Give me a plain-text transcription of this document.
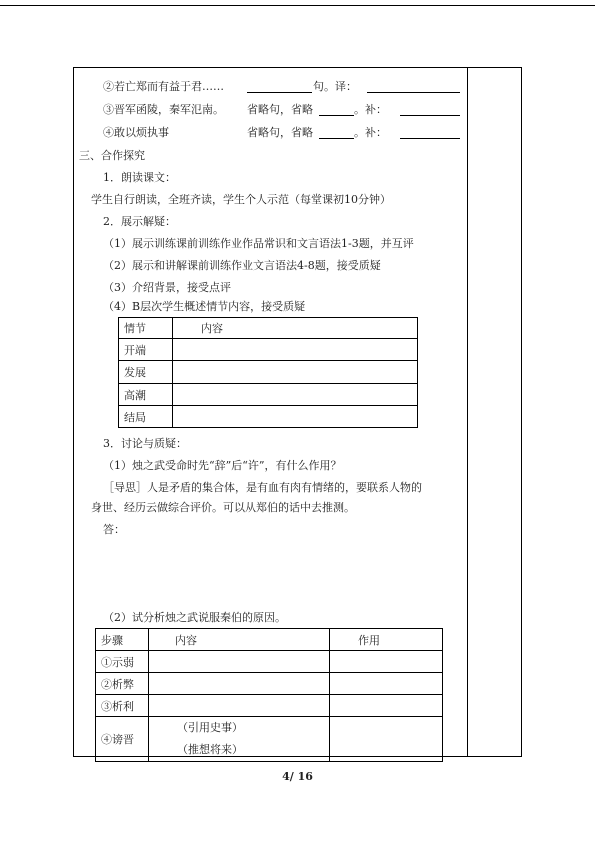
②若亡郑而有益于君……	句。译：
③晋军函陵，秦军氾南。 省略句，省略	。补：
④敢以烦执事	省略句，省略	。补：
三、合作探究
1．朗读课文：
学生自行朗读，全班齐读，学生个人示范（每堂课初10分钟）
2．展示解疑：
（1）展示训练课前训练作业作品常识和文言语法1-3题，并互评
（2）展示和讲解课前训练作业文言语法4-8题，接受质疑
（3）介绍背景，接受点评
（4）B层次学生概述情节内容，接受质疑
情节	内容
开端	
发展	
高潮	
结局	
3．讨论与质疑：
（1）烛之武受命时先“辞”后“许”，有什么作用？
［导思］人是矛盾的集合体，是有血有肉有情绪的，要联系人物的
身世、经历云做综合评价。可以从郑伯的话中去推测。
答：
（2）试分析烛之武说服秦伯的原因。
步骤	内容	作用
①示弱		
②析弊		
③析利		
④谤晋	（引用史事）
（推想将来）	

4/ 16
